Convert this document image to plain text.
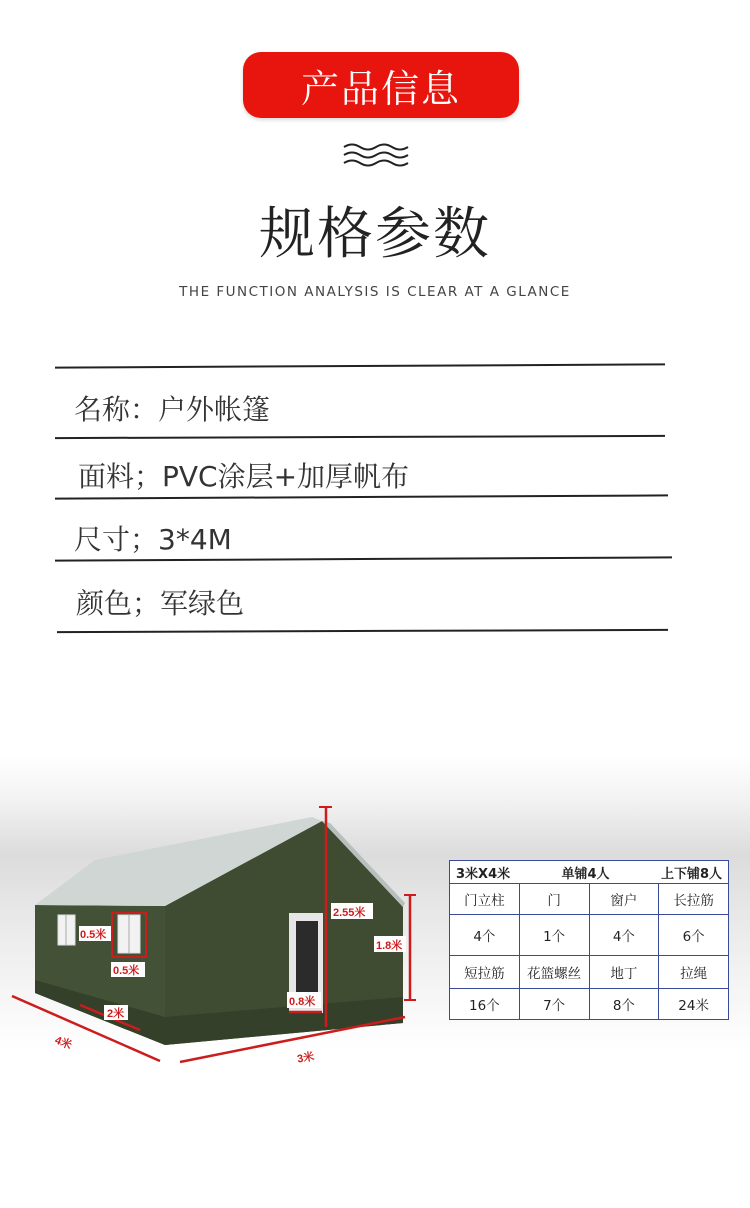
产品信息
规格参数
THE FUNCTION ANALYSIS IS CLEAR AT A GLANCE
名称：户外帐篷
面料；PVC涂层+加厚帆布
尺寸；3*4M
颜色；军绿色
0.5米
0.5米
2米
4米
3米
2.55米
1.8米
0.8米
3米X4米 单铺4人 上下铺8人			

门立柱	门	窗户	长拉筋
4个	1个	4个	6个
短拉筋	花篮螺丝	地丁	拉绳
16个	7个	8个	24米
